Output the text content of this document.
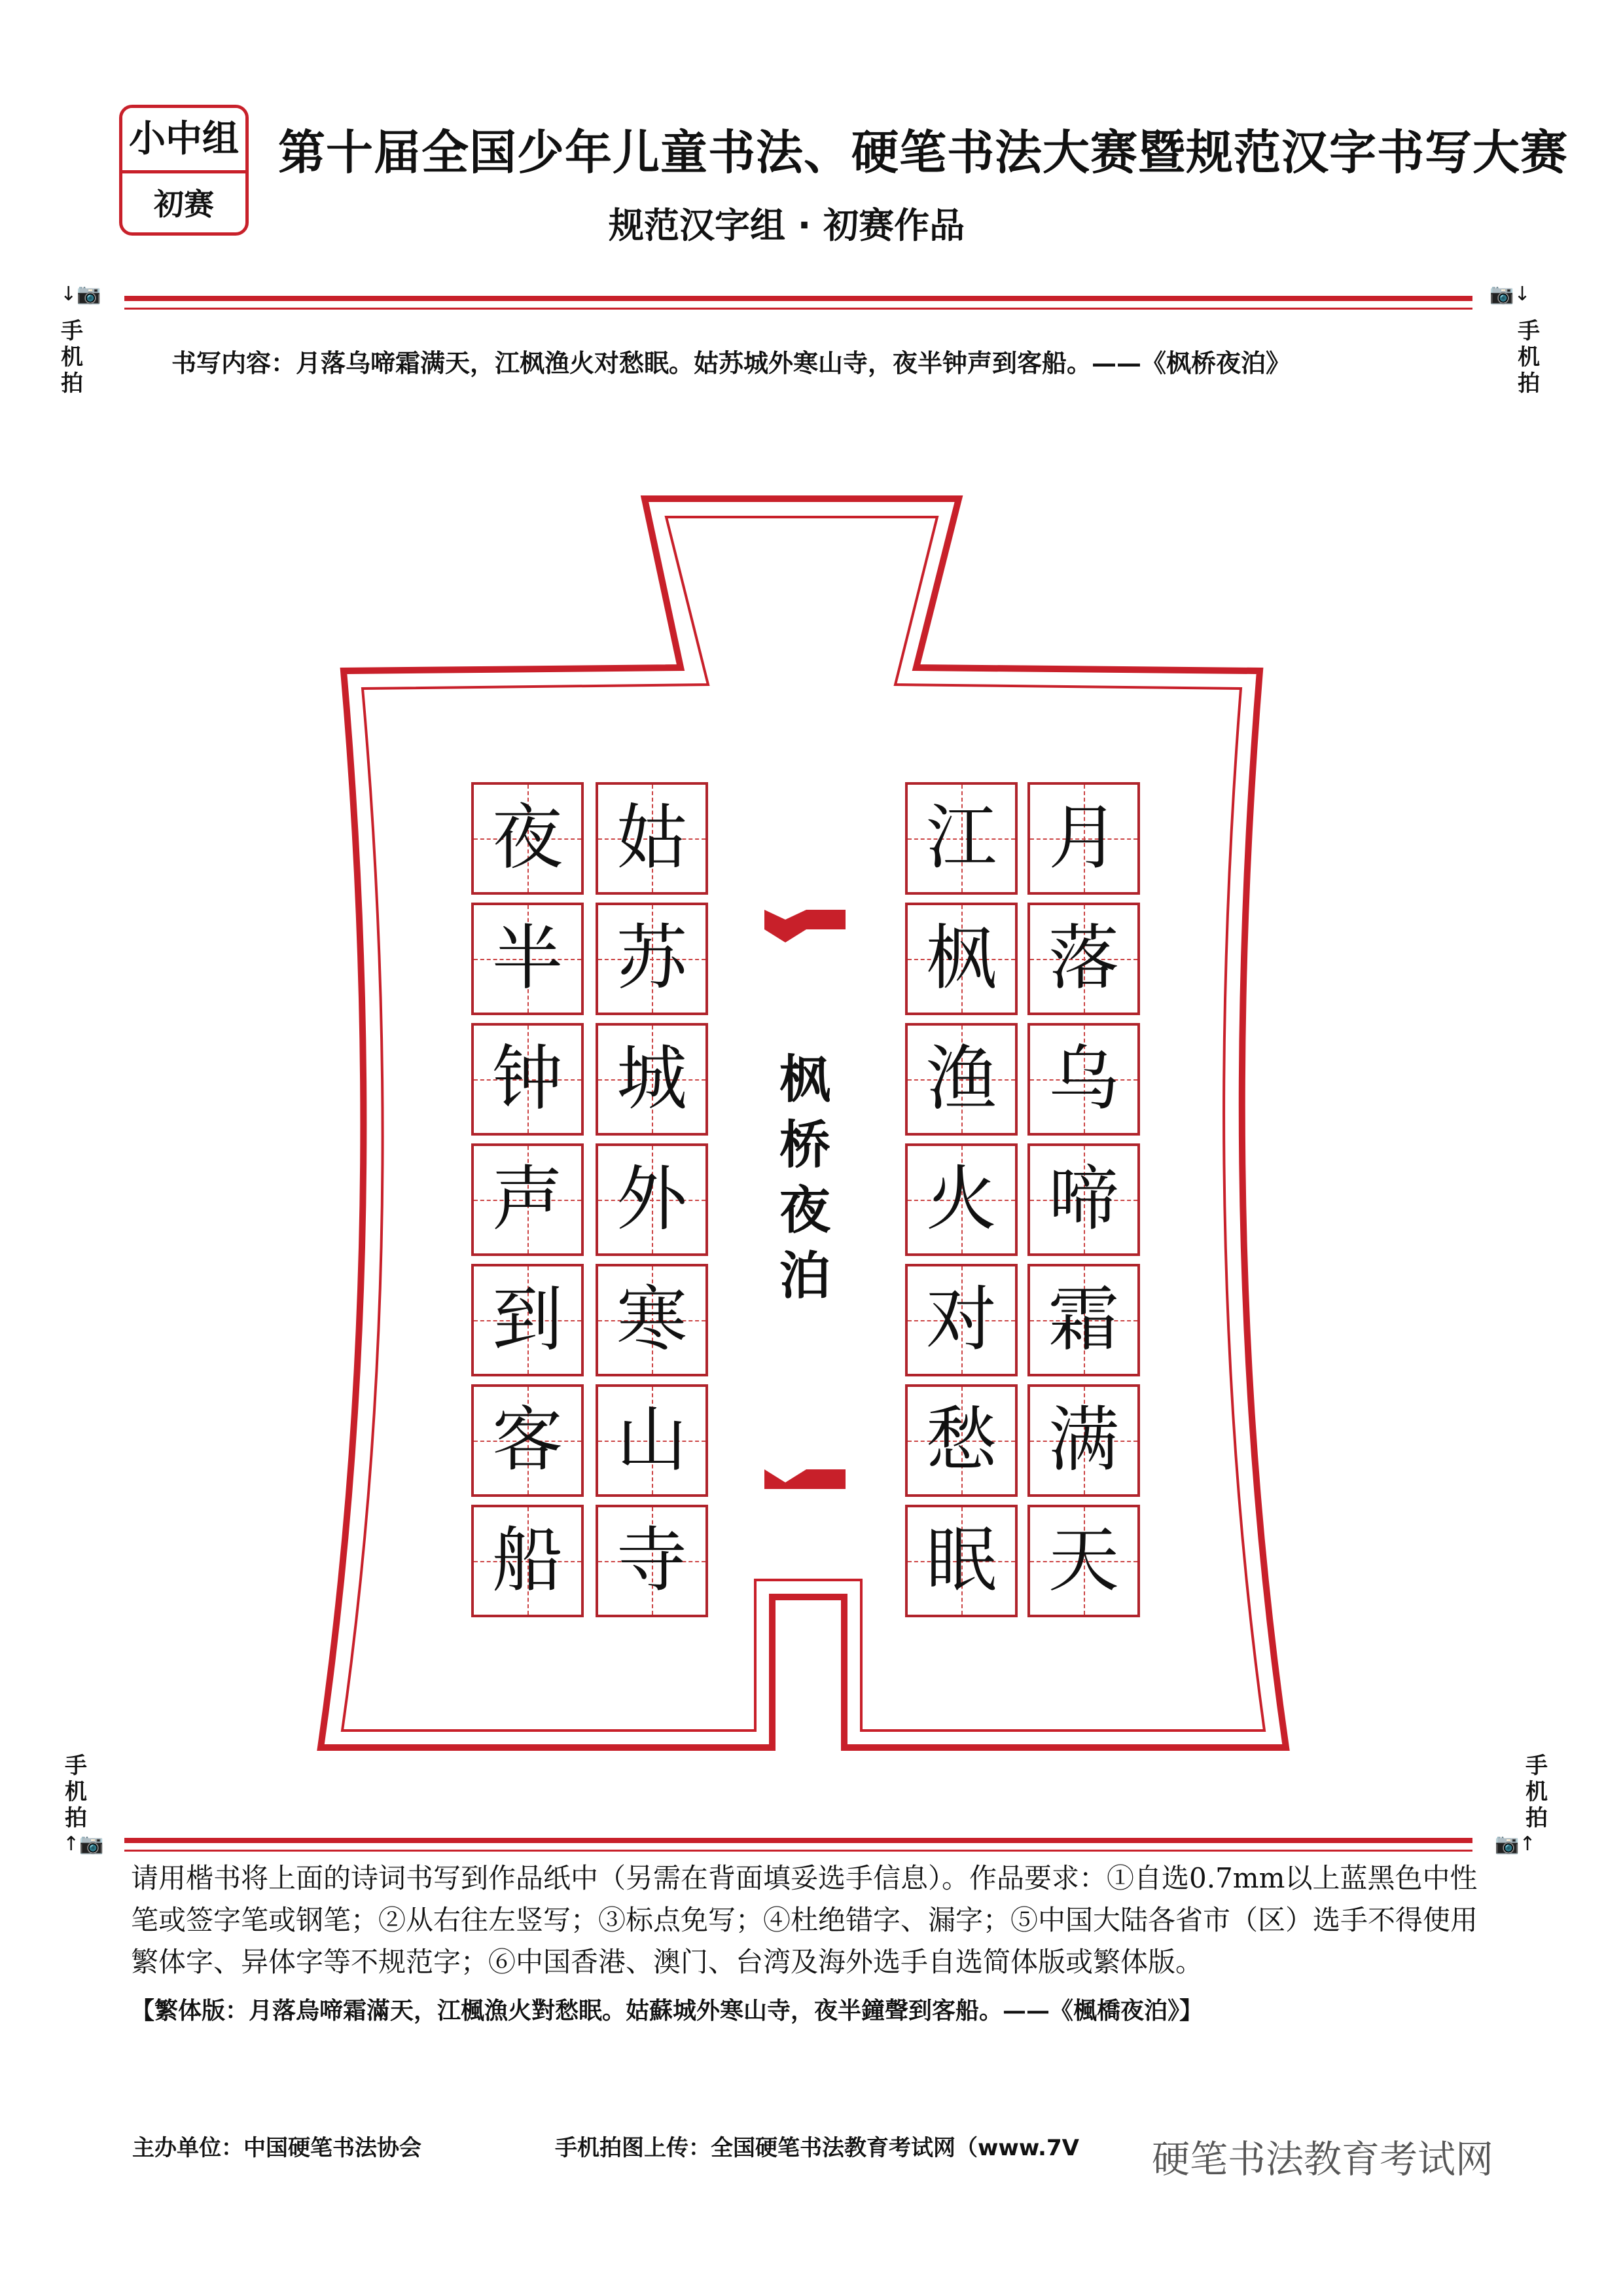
小中组
初赛
第十届全国少年儿童书法、硬笔书法大赛暨规范汉字书写大赛
规范汉字组 · 初赛作品
↓📷
手
机
拍
📷↓
手
机
拍
书写内容：月落乌啼霜满天，江枫渔火对愁眠。姑苏城外寒山寺，夜半钟声到客船。——《枫桥夜泊》
月
落
乌
啼
霜
满
天
江
枫
渔
火
对
愁
眠
姑
苏
城
外
寒
山
寺
夜
半
钟
声
到
客
船
枫
桥
夜
泊
手
机
拍
↑📷
手
机
拍
📷↑
请用楷书将上面的诗词书写到作品纸中（另需在背面填妥选手信息）。作品要求：①自选0.7mm以上蓝黑色中性笔或签字笔或钢笔；②从右往左竖写；③标点免写；④杜绝错字、漏字；⑤中国大陆各省市（区）选手不得使用繁体字、异体字等不规范字；⑥中国香港、澳门、台湾及海外选手自选简体版或繁体版。
【繁体版：月落烏啼霜滿天，江楓漁火對愁眠。姑蘇城外寒山寺，夜半鐘聲到客船。——《楓橋夜泊》】
主办单位：中国硬笔书法协会	手机拍图上传：全国硬笔书法教育考试网（www.7V 硬笔书法教育考试网
